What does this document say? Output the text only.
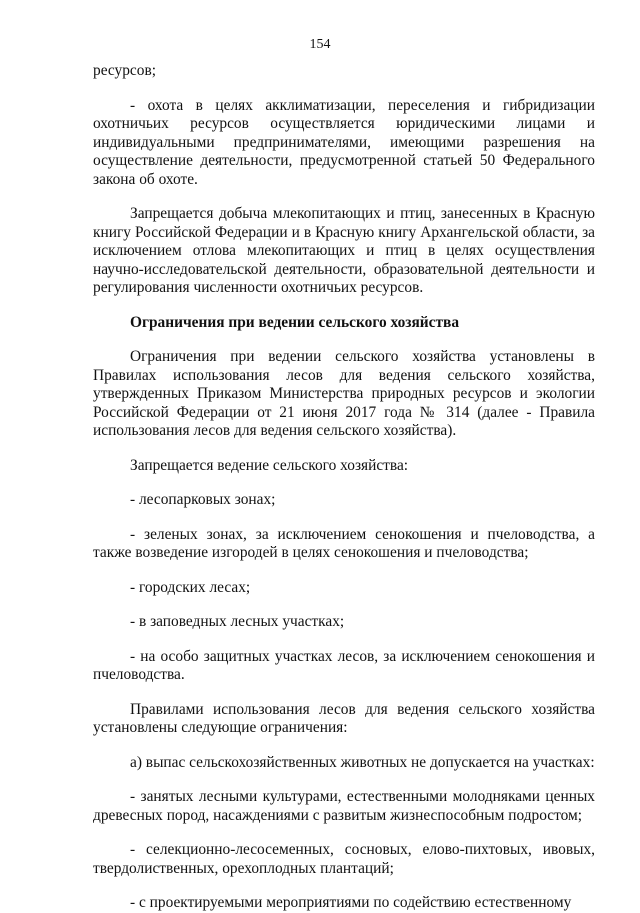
154

ресурсов;

- охота в целях акклиматизации, переселения и гибридизации охотничьих ресурсов осуществляется юридическими лицами и индивидуальными предпринимателями, имеющими разрешения на осуществление деятельности, предусмотренной статьей 50 Федерального закона об охоте.

Запрещается добыча млекопитающих и птиц, занесенных в Красную книгу Российской Федерации и в Красную книгу Архангельской области, за исключением отлова млекопитающих и птиц в целях осуществления научно-исследовательской деятельности, образовательной деятельности и регулирования численности охотничьих ресурсов.

Ограничения при ведении сельского хозяйства

Ограничения при ведении сельского хозяйства установлены в Правилах использования лесов для ведения сельского хозяйства, утвержденных Приказом Министерства природных ресурсов и экологии Российской Федерации от 21 июня 2017 года № 314 (далее - Правила использования лесов для ведения сельского хозяйства).

Запрещается ведение сельского хозяйства:

- лесопарковых зонах;

- зеленых зонах, за исключением сенокошения и пчеловодства, а также возведение изгородей в целях сенокошения и пчеловодства;

- городских лесах;

- в заповедных лесных участках;

- на особо защитных участках лесов, за исключением сенокошения и пчеловодства.

Правилами использования лесов для ведения сельского хозяйства установлены следующие ограничения:

а) выпас сельскохозяйственных животных не допускается на участках:

- занятых лесными культурами, естественными молодняками ценных древесных пород, насаждениями с развитым жизнеспособным подростом;

- селекционно-лесосеменных, сосновых, елово-пихтовых, ивовых, твердолиственных, орехоплодных плантаций;

- с проектируемыми мероприятиями по содействию естественному
